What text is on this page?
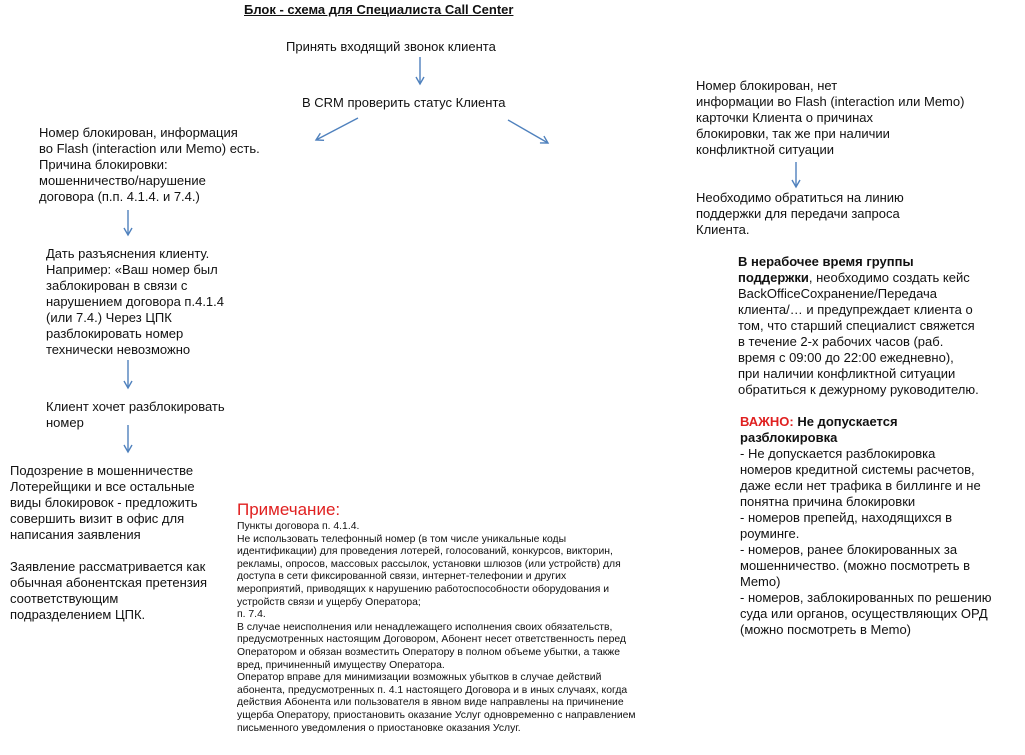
Блок - схема для Специалиста Call Center
Принять входящий звонок клиента
В CRM проверить статус Клиента
Номер блокирован, информация
во Flash (interaction или Memo) есть.
Причина блокировки:
мошенничество/нарушение
договора (п.п. 4.1.4. и 7.4.)
Дать разъяснения клиенту.
Например: «Ваш номер был
заблокирован в связи с
нарушением договора п.4.1.4
(или 7.4.) Через ЦПК
разблокировать номер
технически невозможно
Клиент хочет разблокировать
номер
Подозрение в мошенничестве
Лотерейщики и все остальные
виды блокировок - предложить
совершить визит в офис для
написания заявления
Заявление рассматривается как
обычная абонентская претензия
соответствующим
подразделением ЦПК.
Номер блокирован, нет
информации во Flash (interaction или Memo)
карточки Клиента о причинах
блокировки, так же при наличии
конфликтной ситуации
Необходимо обратиться на линию
поддержки для передачи запроса
Клиента.
В нерабочее время группы
поддержки, необходимо создать кейс
BackOfficeСохранение/Передача
клиента/… и предупреждает клиента о
том, что старший специалист свяжется
в течение 2-х рабочих часов (раб.
время с 09:00 до 22:00 ежедневно),
при наличии конфликтной ситуации
обратиться к дежурному руководителю.
ВАЖНО: Не допускается
разблокировка
- Не допускается разблокировка
номеров кредитной системы расчетов,
даже если нет трафика в биллинге и не
понятна причина блокировки
- номеров препейд, находящихся в
роуминге.
- номеров, ранее блокированных за
мошенничество. (можно посмотреть в
Memo)
- номеров, заблокированных по решению
суда или органов, осуществляющих ОРД
(можно посмотреть в Memo)
Примечание:
Пункты договора п. 4.1.4.
Не использовать телефонный номер (в том числе уникальные коды
идентификации) для проведения лотерей, голосований, конкурсов, викторин,
рекламы, опросов, массовых рассылок, установки шлюзов (или устройств) для
доступа в сети фиксированной связи, интернет-телефонии и других
мероприятий, приводящих к нарушению работоспособности оборудования и
устройств связи и ущербу Оператора;
п. 7.4.
В случае неисполнения или ненадлежащего исполнения своих обязательств,
предусмотренных настоящим Договором, Абонент несет ответственность перед
Оператором и обязан возместить Оператору в полном объеме убытки, а также
вред, причиненный имуществу Оператора.
Оператор вправе для минимизации возможных убытков в случае действий
абонента, предусмотренных п. 4.1 настоящего Договора и в иных случаях, когда
действия Абонента или пользователя в явном виде направлены на причинение
ущерба Оператору, приостановить оказание Услуг одновременно с направлением
письменного уведомления о приостановке оказания Услуг.
